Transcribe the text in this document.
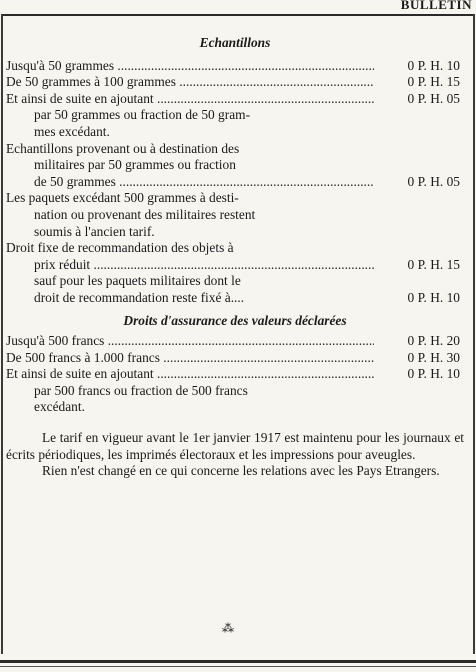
BULLETIN
Echantillons
Jusqu'à 50 grammes .....	0 P. H. 10
De 50 grammes à 100 grammes .....	0 P. H. 15
Et ainsi de suite en ajoutant .....	0 P. H. 05
par 50 grammes ou fraction de 50 gram-
mes excédant.
Echantillons provenant ou à destination des
militaires par 50 grammes ou fraction
de 50 grammes .....	0 P. H. 05
Les paquets excédant 500 grammes à desti-
nation ou provenant des militaires restent
soumis à l'ancien tarif.
Droit fixe de recommandation des objets à
prix réduit .....	0 P. H. 15
sauf pour les paquets militaires dont le
droit de recommandation reste fixé à....	0 P. H. 10
Droits d'assurance des valeurs déclarées
Jusqu'à 500 francs .....	0 P. H. 20
De 500 francs à 1.000 francs .....	0 P. H. 30
Et ainsi de suite en ajoutant .....	0 P. H. 10
par 500 francs ou fraction de 500 francs
excédant.

Le tarif en vigueur avant le 1er janvier 1917 est maintenu pour les journaux et écrits périodiques, les imprimés électoraux et les impressions pour aveugles.

Rien n'est changé en ce qui concerne les relations avec les Pays Etrangers.

⁂
